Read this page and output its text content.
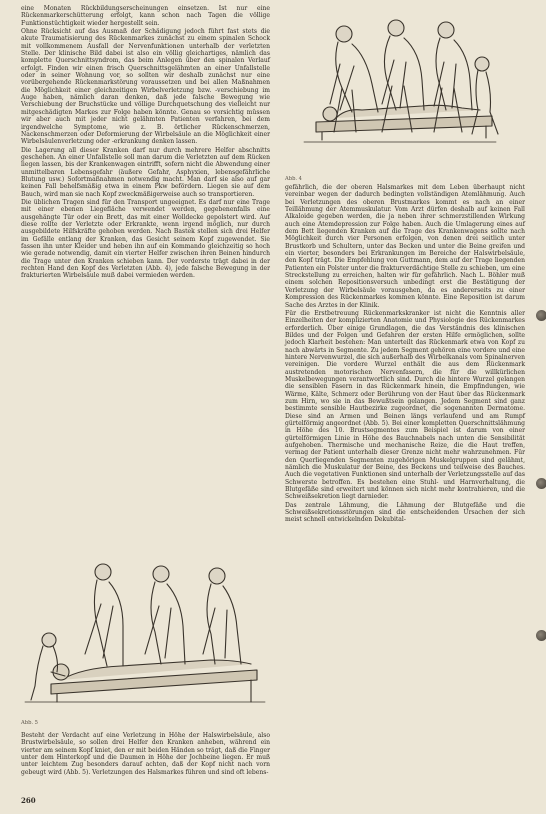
eine Monaten Rückbildungserscheinungen einsetzen. Ist nur eine Rückenmarkerschütterung erfolgt, kann schon nach Tagen die völlige Funktionstüchtigkeit wieder hergestellt sein.

Ohne Rücksicht auf das Ausmaß der Schädigung jedoch führt fast stets die akute Traumatisierung des Rückenmarkes zunächst zu einem spinalen Schock mit vollkommenem Ausfall der Nervenfunktionen unterhalb der verletzten Stelle. Der klinische Bild dabei ist also ein völlig gleichartiges, nämlich das komplette Querschnittsyndrom, das beim Anlegen über den spinalen Verlauf erfolgt. Finden wir einen frisch Querschnittsgelähmten an einer Unfallstelle oder in seiner Wohnung vor, so sollten wir deshalb zunächst nur eine vorübergehende Rückenmarkstörung voraussetzen und bei allen Maßnahmen die Möglichkeit einer gleichzeitigen Wirbelverletzung bzw. -verschiebung im Auge haben, nämlich daran denken, daß jede falsche Bewegung wie Verschiebung der Bruchstücke und völlige Durchquetschung des vielleicht nur mitgeschädigten Markes zur Folge haben könnte. Genau so vorsichtig müssen wir aber auch mit jeder nicht gelähmten Patienten verfahren, bei dem irgendwelche Symptome, wie z. B. örtlicher Rückenschmerzen, Nackenschmerzen oder Deformierung der Wirbelsäule an die Möglichkeit einer Wirbelsäulenverletzung oder -erkrankung denken lassen.

Die Lagerung all dieser Kranken darf nur durch mehrere Helfer abschnitts geschehen. An einer Unfallstelle soll man darum die Verletzten auf dem Rücken liegen lassen, bis der Krankenwagen eintrifft, sofern nicht die Abwendung einer unmittelbaren Lebensgefahr (äußere Gefahr, Asphyxien, lebensgefährliche Blutung usw.) Sofortmaßnahmen notwendig macht. Man darf sie also auf gar keinen Fall behelfsmäßig etwa in einem Pkw befördern. Liegen sie auf dem Bauch, wird man sie nach Kopf zweckmäßigerweise auch so transportieren.

Die üblichen Tragen sind für den Transport ungeeignet. Es darf nur eine Trage mit einer ebenen Liegefläche verwendet werden, gegebenenfalls eine ausgehängte Tür oder ein Brett, das mit einer Wolldecke gepolstert wird. Auf diese rollte der Verletzte oder Erkrankte, wenn irgend möglich, nur durch ausgebildete Hilfskräfte gehoben werden. Nach Bastek stellen sich drei Helfer im Gefälle entlang der Kranken, das Gesicht seinem Kopf zugewendet. Sie fassen ihn unter Kleider und heben ihn auf ein Kommando gleichzeitig so hoch wie gerade notwendig, damit ein vierter Helfer zwischen ihren Beinen hindurch die Trage unter den Kranken schieben kann. Der vorderste trägt dabei in der rechten Hand den Kopf des Verletzten (Abb. 4), jede falsche Bewegung in der frakturierten Wirbelsäule muß dabei vermieden werden.

Abb. 4

gefährlich, die der oberen Halsmarkes mit dem Leben überhaupt nicht vereinbar wegen der dadurch bedingten vollständigen Atemlähmung. Auch bei Verletzungen des oberen Brustmarkes kommt es nach an einer Teillähmung der Atemmuskulatur. Vom Arzt dürfen deshalb auf keinen Fall Alkaloide gegeben werden, die ja neben ihrer schmerzstillenden Wirkung auch eine Atemdepression zur Folge haben. Auch die Umlagerung eines auf dem Bett liegenden Kranken auf die Trage des Krankenwagens sollte nach Möglichkeit durch vier Personen erfolgen, von denen drei seitlich unter Brustkorb und Schultern, unter das Becken und unter die Beine greifen und ein vierter, besonders bei Erkrankungen im Bereiche der Halswirbelsäule, den Kopf trägt. Die Empfehlung von Guttmann, dem auf der Trage liegenden Patienten ein Polster unter die frakturverdächtige Stelle zu schieben, um eine Streckstellung zu erreichen, halten wir für gefährlich. Nach L. Böhler muß einem solchen Repositionsversuch unbedingt erst die Bestätigung der Verletzung der Wirbelsäule vorausgehen, da es andererseits zu einer Kompression des Rückenmarkes kommen könnte. Eine Reposition ist darum Sache des Arztes in der Klinik.

Für die Erstbetreuung Rückenmarkskranker ist nicht die Kenntnis aller Einzelheiten der komplizierten Anatomie und Physiologie des Rückenmarkes erforderlich. Über einige Grundlagen, die das Verständnis des klinischen Bildes und der Folgen und Gefahren der ersten Hilfe ermöglichen, sollte jedoch Klarheit bestehen: Man unterteilt das Rückenmark etwa von Kopf zu nach abwärts in Segmente. Zu jedem Segment gehören eine vordere und eine hintere Nervenwurzel, die sich außerhalb des Wirbelkanals vom Spinalnerven vereinigen. Die vordere Wurzel enthält die aus dem Rückenmark austretenden motorischen Nervenfasern, die für die willkürlichen Muskelbewegungen verantwortlich sind. Durch die hintere Wurzel gelangen die sensiblen Fasern in das Rückenmark hinein, die Empfindungen, wie Wärme, Kälte, Schmerz oder Berührung von der Haut über das Rückenmark zum Hirn, wo sie in das Bewußtsein gelangen. Jedem Segment sind ganz bestimmte sensible Hautbezirke zugeordnet, die sogenannten Dermatome. Diese sind an Armen und Beinen längs verlaufend und am Rumpf gürtelförmig angeordnet (Abb. 5). Bei einer kompletten Querschnittslähmung in Höhe des 10. Brustsegmentes zum Beispiel ist darum von einer gürtelförmigen Linie in Höhe des Bauchnabels nach unten die Sensibilität aufgehoben. Thermische und mechanische Reize, die die Haut treffen, vermag der Patient unterhalb dieser Grenze nicht mehr wahrzunehmen. Für den Querliegenden Segmenten zugehörigen Muskelgruppen sind gelähmt, nämlich die Muskulatur der Beine, des Beckens und teilweise des Bauches. Auch die vegetativen Funktionen sind unterhalb der Verletzungsstelle auf das Schwerste betroffen. Es bestehen eine Stuhl- und Harnverhaltung, die Blutgefäße sind erweitert und können sich nicht mehr kontrahieren, und die Schweißsekretion liegt darnieder.

Das zentrale Lähmung, die Lähmung der Blutgefäße und die Schweißsekretionsstörungen sind die entscheidenden Ursachen der sich meist schnell entwickelnden Dekubital-

Abb. 5

Besteht der Verdacht auf eine Verletzung in Höhe der Halswirbelsäule, also Brustwirbelsäule, so sollen drei Helfer den Kranken anheben, während ein vierter am seinem Kopf kniet, den er mit beiden Händen so trägt, daß die Finger unter dem Hinterkopf und die Daumen in Höhe der Jochbeine liegen. Er muß unter leichtem Zug besonders darauf achten, daß der Kopf nicht nach vorn gebeugt wird (Abb. 5). Verletzungen des Halsmarkes führen und sind oft lebens-

260
